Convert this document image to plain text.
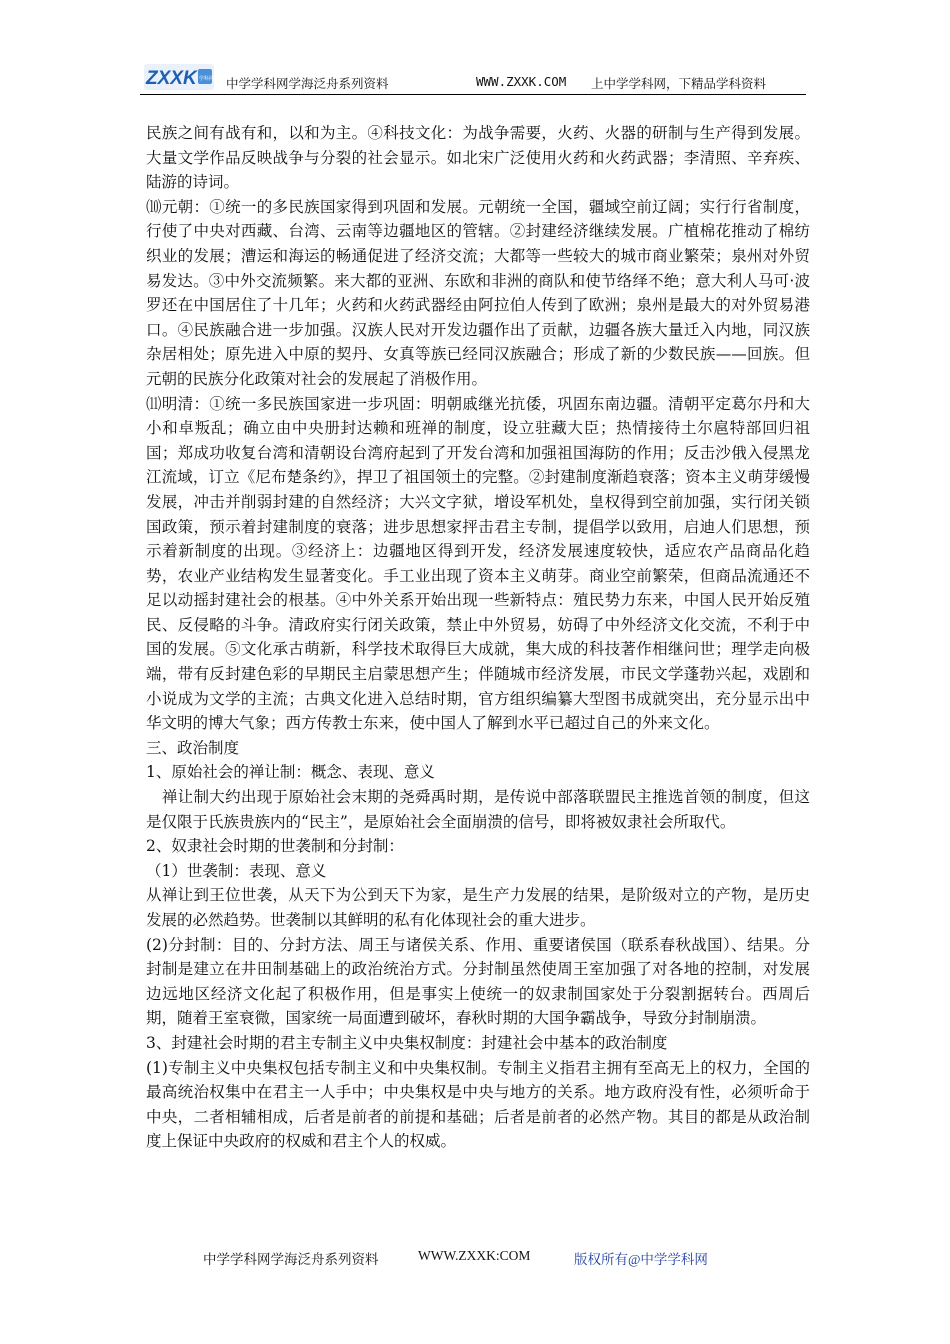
ZXXK 学科网 中学学科网学海泛舟系列资料	WWW.ZXXK.COM 上中学学科网，下精品学科资料

民族之间有战有和，以和为主。④科技文化：为战争需要，火药、火器的研制与生产得到发展。大量文学作品反映战争与分裂的社会显示。如北宋广泛使用火药和火药武器；李清照、辛弃疾、陆游的诗词。

⑽元朝：①统一的多民族国家得到巩固和发展。元朝统一全国，疆域空前辽阔；实行行省制度，行使了中央对西藏、台湾、云南等边疆地区的管辖。②封建经济继续发展。广植棉花推动了棉纺织业的发展；漕运和海运的畅通促进了经济交流；大都等一些较大的城市商业繁荣；泉州对外贸易发达。③中外交流频繁。来大都的亚洲、东欧和非洲的商队和使节络绎不绝；意大利人马可·波罗还在中国居住了十几年；火药和火药武器经由阿拉伯人传到了欧洲；泉州是最大的对外贸易港口。④民族融合进一步加强。汉族人民对开发边疆作出了贡献，边疆各族大量迁入内地，同汉族杂居相处；原先进入中原的契丹、女真等族已经同汉族融合；形成了新的少数民族——回族。但元朝的民族分化政策对社会的发展起了消极作用。

⑾明清：①统一多民族国家进一步巩固：明朝戚继光抗倭，巩固东南边疆。清朝平定葛尔丹和大小和卓叛乱；确立由中央册封达赖和班禅的制度，设立驻藏大臣；热情接待土尔扈特部回归祖国；郑成功收复台湾和清朝设台湾府起到了开发台湾和加强祖国海防的作用；反击沙俄入侵黑龙江流域，订立《尼布楚条约》，捍卫了祖国领土的完整。②封建制度渐趋衰落；资本主义萌芽缓慢发展，冲击并削弱封建的自然经济；大兴文字狱，增设军机处，皇权得到空前加强，实行闭关锁国政策，预示着封建制度的衰落；进步思想家抨击君主专制，提倡学以致用，启迪人们思想，预示着新制度的出现。③经济上：边疆地区得到开发，经济发展速度较快，适应农产品商品化趋势，农业产业结构发生显著变化。手工业出现了资本主义萌芽。商业空前繁荣，但商品流通还不足以动摇封建社会的根基。④中外关系开始出现一些新特点：殖民势力东来，中国人民开始反殖民、反侵略的斗争。清政府实行闭关政策，禁止中外贸易，妨碍了中外经济文化交流，不利于中国的发展。⑤文化承古萌新，科学技术取得巨大成就，集大成的科技著作相继问世；理学走向极端，带有反封建色彩的早期民主启蒙思想产生；伴随城市经济发展，市民文学蓬勃兴起，戏剧和小说成为文学的主流；古典文化进入总结时期，官方组织编纂大型图书成就突出，充分显示出中华文明的博大气象；西方传教士东来，使中国人了解到水平已超过自己的外来文化。

三、政治制度

1、原始社会的禅让制：概念、表现、意义

　禅让制大约出现于原始社会末期的尧舜禹时期，是传说中部落联盟民主推选首领的制度，但这是仅限于氏族贵族内的“民主”，是原始社会全面崩溃的信号，即将被奴隶社会所取代。

2、奴隶社会时期的世袭制和分封制：

（1）世袭制：表现、意义

从禅让到王位世袭，从天下为公到天下为家，是生产力发展的结果，是阶级对立的产物，是历史发展的必然趋势。世袭制以其鲜明的私有化体现社会的重大进步。

(2)分封制：目的、分封方法、周王与诸侯关系、作用、重要诸侯国（联系春秋战国）、结果。分封制是建立在井田制基础上的政治统治方式。分封制虽然使周王室加强了对各地的控制，对发展边远地区经济文化起了积极作用，但是事实上使统一的奴隶制国家处于分裂割据转台。西周后期，随着王室衰微，国家统一局面遭到破坏，春秋时期的大国争霸战争，导致分封制崩溃。

3、封建社会时期的君主专制主义中央集权制度：封建社会中基本的政治制度

(1)专制主义中央集权包括专制主义和中央集权制。专制主义指君主拥有至高无上的权力，全国的最高统治权集中在君主一人手中；中央集权是中央与地方的关系。地方政府没有性，必须听命于中央，二者相辅相成，后者是前者的前提和基础；后者是前者的必然产物。其目的都是从政治制度上保证中央政府的权威和君主个人的权威。

中学学科网学海泛舟系列资料	WWW.ZXXK:COM	版权所有@中学学科网
